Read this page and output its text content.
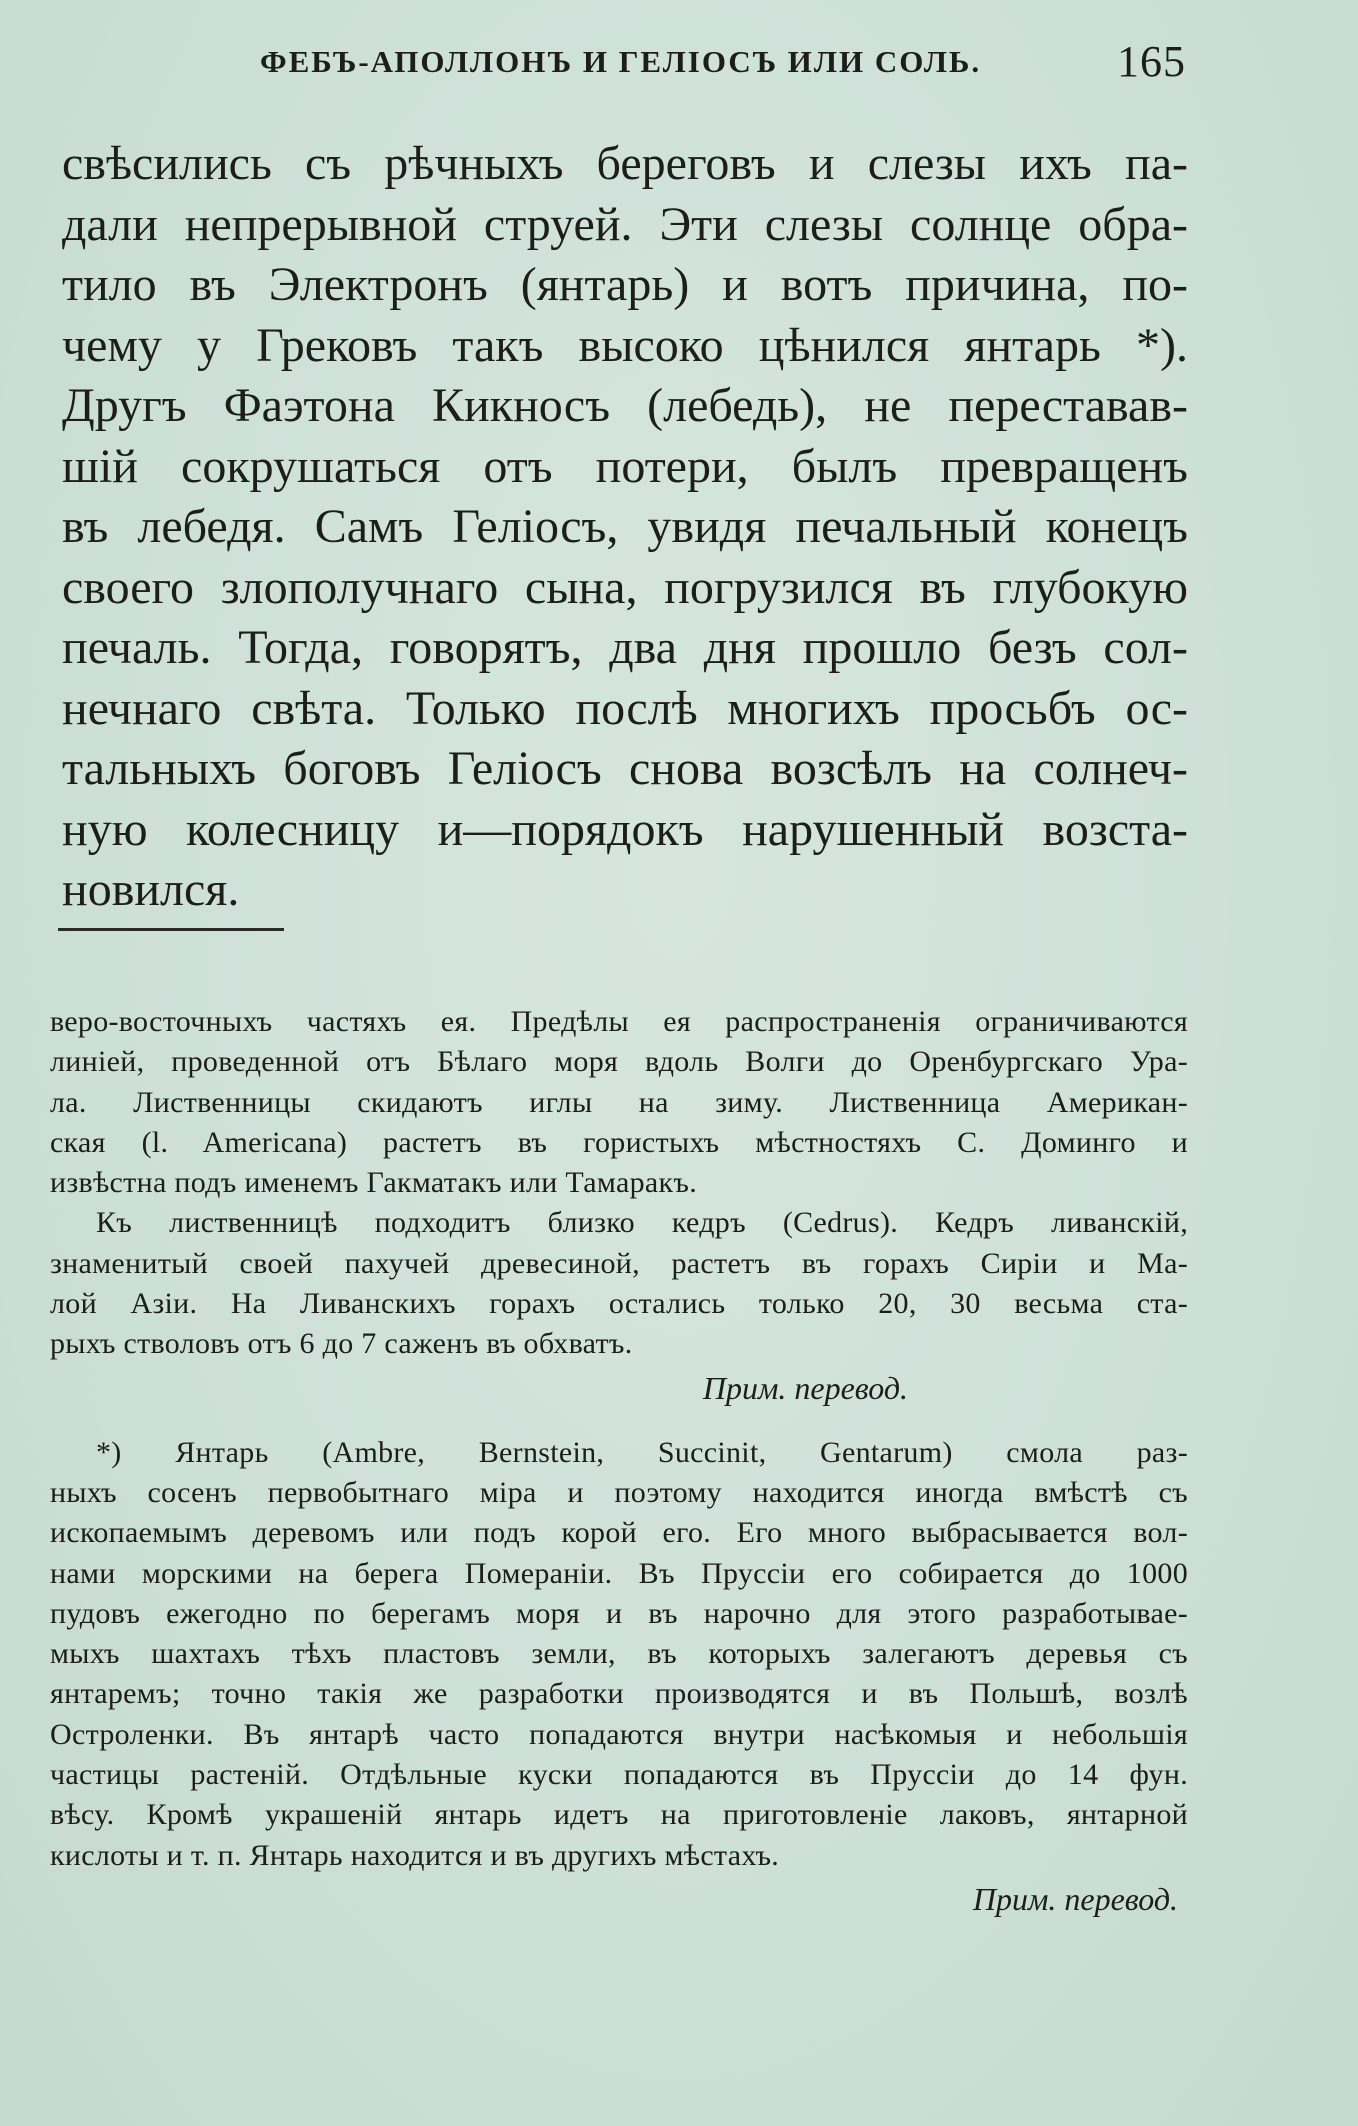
ФЕБЪ-АПОЛЛОНЪ И ГЕЛІОСЪ ИЛИ СОЛЬ.	165
свѣсились съ рѣчныхъ береговъ и слезы ихъ па-
дали непрерывной струей. Эти слезы солнце обра-
тило въ Электронъ (янтарь) и вотъ причина, по-
чему у Грековъ такъ высоко цѣнился янтарь *).
Другъ Фаэтона Кикносъ (лебедь), не переставав-
шій сокрушаться отъ потери, былъ превращенъ
въ лебедя. Самъ Геліосъ, увидя печальный конецъ
своего злополучнаго сына, погрузился въ глубокую
печаль. Тогда, говорятъ, два дня прошло безъ сол-
нечнаго свѣта. Только послѣ многихъ просьбъ ос-
тальныхъ боговъ Геліосъ снова возсѣлъ на солнеч-
ную колесницу и—порядокъ нарушенный возста-
новился.
веро-восточныхъ частяхъ ея. Предѣлы ея распространенія ограничиваются
линіей, проведенной отъ Бѣлаго моря вдоль Волги до Оренбургскаго Ура-
ла. Лиственницы скидаютъ иглы на зиму. Лиственница Американ-
ская (l. Americana) растетъ въ гористыхъ мѣстностяхъ С. Доминго и
извѣстна подъ именемъ Гакматакъ или Тамаракъ.
Къ лиственницѣ подходитъ близко кедръ (Cedrus). Кедръ ливанскій,
знаменитый своей пахучей древесиной, растетъ въ горахъ Сиріи и Ма-
лой Азіи. На Ливанскихъ горахъ остались только 20, 30 весьма ста-
рыхъ стволовъ отъ 6 до 7 саженъ въ обхватъ.
Прим. перевод.
*) Янтарь (Ambre, Bernstein, Succinit, Gentarum) смола раз-
ныхъ сосенъ первобытнаго міра и поэтому находится иногда вмѣстѣ съ
ископаемымъ деревомъ или подъ корой его. Его много выбрасывается вол-
нами морскими на берега Помераніи. Въ Пруссіи его собирается до 1000
пудовъ ежегодно по берегамъ моря и въ нарочно для этого разработывае-
мыхъ шахтахъ тѣхъ пластовъ земли, въ которыхъ залегаютъ деревья съ
янтаремъ; точно такія же разработки производятся и въ Польшѣ, возлѣ
Остроленки. Въ янтарѣ часто попадаются внутри насѣкомыя и небольшія
частицы растеній. Отдѣльные куски попадаются въ Пруссіи до 14 фун.
вѣсу. Кромѣ украшеній янтарь идетъ на приготовленіе лаковъ, янтарной
кислоты и т. п. Янтарь находится и въ другихъ мѣстахъ.
Прим. перевод.
